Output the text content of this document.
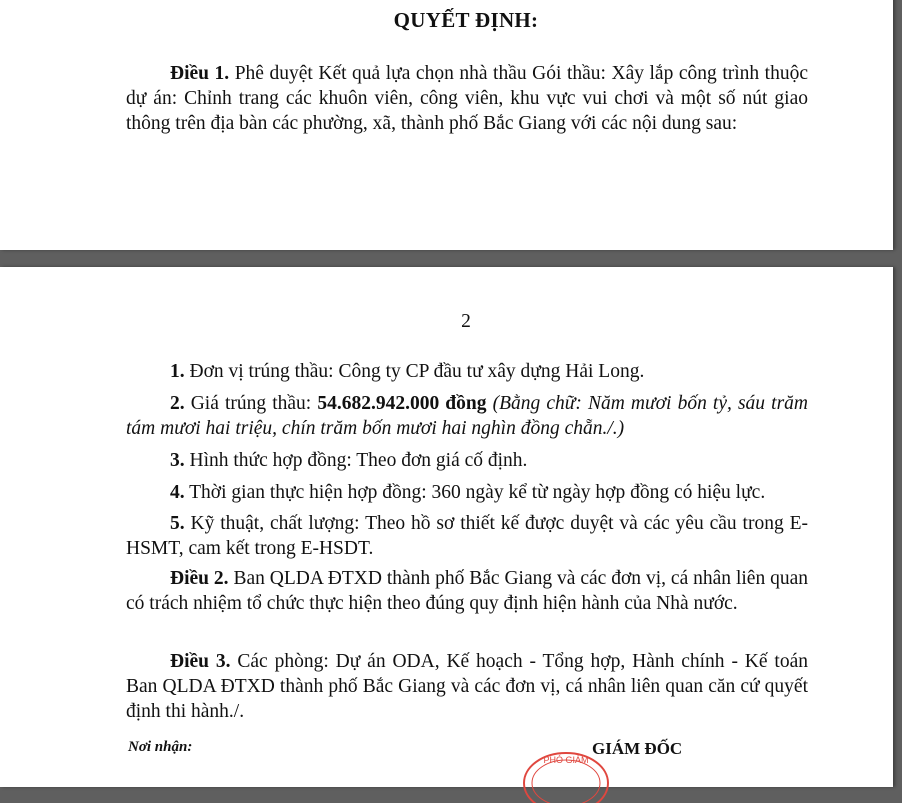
QUYẾT ĐỊNH:
Điều 1. Phê duyệt Kết quả lựa chọn nhà thầu Gói thầu: Xây lắp công trình thuộc dự án: Chỉnh trang các khuôn viên, công viên, khu vực vui chơi và một số nút giao thông trên địa bàn các phường, xã, thành phố Bắc Giang với các nội dung sau:
2
1. Đơn vị trúng thầu: Công ty CP đầu tư xây dựng Hải Long.
2. Giá trúng thầu: 54.682.942.000 đồng (Bằng chữ: Năm mươi bốn tỷ, sáu trăm tám mươi hai triệu, chín trăm bốn mươi hai nghìn đồng chẵn./.)
3. Hình thức hợp đồng: Theo đơn giá cố định.
4. Thời gian thực hiện hợp đồng: 360 ngày kể từ ngày hợp đồng có hiệu lực.
5. Kỹ thuật, chất lượng: Theo hồ sơ thiết kế được duyệt và các yêu cầu trong E-HSMT, cam kết trong E-HSDT.
Điều 2. Ban QLDA ĐTXD thành phố Bắc Giang và các đơn vị, cá nhân liên quan có trách nhiệm tổ chức thực hiện theo đúng quy định hiện hành của Nhà nước.
Điều 3. Các phòng: Dự án ODA, Kế hoạch - Tổng hợp, Hành chính - Kế toán Ban QLDA ĐTXD thành phố Bắc Giang và các đơn vị, cá nhân liên quan căn cứ quyết định thi hành./.
Nơi nhận:
PHÓ GIÁM
GIÁM ĐỐC
